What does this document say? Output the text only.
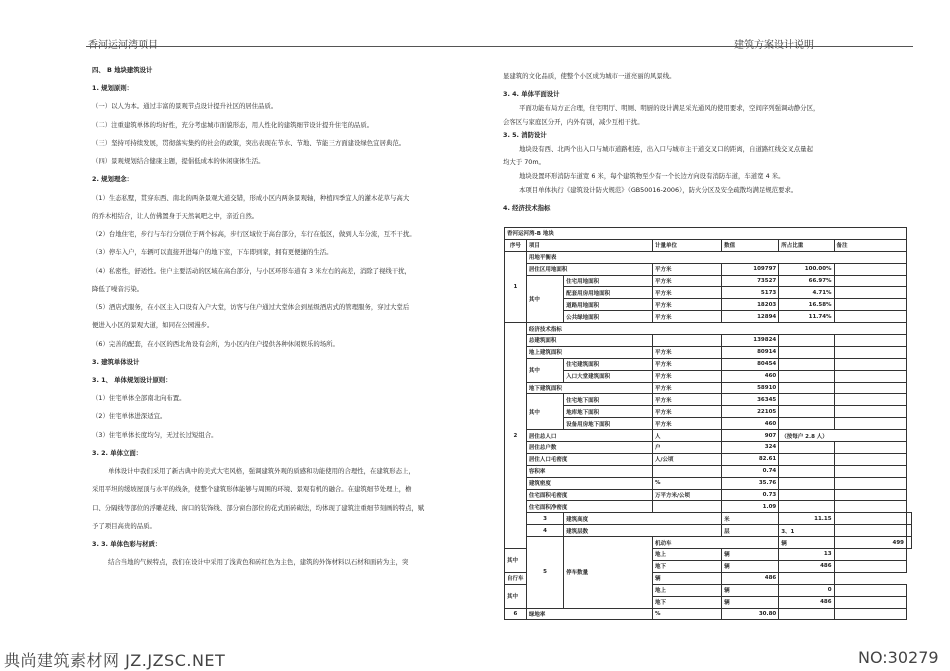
香河运河湾项目	建筑方案设计说明

四、 B 地块建筑设计

1. 规划原则：

（一）以人为本。通过丰富的景观节点设计提升社区的居住品质。

（二）注重建筑单体的均好性，充分考虑城市面貌形态，用人性化的建筑细节设计提升住宅的品质。

（三）坚持可持续发展，贯彻落实集约的社会的政策，突出表现在节水、节地、节能三方面建设绿色宜居典范。

（四）景观规划结合健康主题，提倡低成本的休闲康体生活。

2. 规划理念：

（1）生态私墅，贯穿东西、南北的两条景观大道交错，形成小区内两条景观轴，种植四季宜人的灌木花草与高大

的乔木相结合，让人仿佛置身于天然氧吧之中，亲近自然。

（2）台地住宅，步行与车行分别位于两个标高，步行区域位于高台部分，车行在低区，做到人车分流，互不干扰。

（3）停车入户，车辆可以直接开进每户的地下室，下车即到家，拥有更便捷的生活。

（4）私密性，舒适性。住户主要活动的区域在高台部分，与小区环形车道有 3 米左右的高差，消除了视线干扰，

降低了噪音污染。

（5）酒店式服务，在小区主入口设有入户大堂，访客与住户通过大堂体会到星级酒店式的管理服务，穿过大堂后

便进入小区的景观大道，如同在公园漫步。

（6）完善的配套，在小区的西北角设有会所，为小区内住户提供各种休闲娱乐的场所。

3. 建筑单体设计

3. 1、 单体规划设计原则：

（1）住宅单体全部南北向布置。

（2）住宅单体进深适宜。

（3）住宅单体长度均匀，无过长过短组合。

3. 2. 单体立面：

单体设计中我们采用了新古典中的美式大宅风格，强调建筑外观的质感和功能使用的合理性，在建筑形态上，

采用平坦的缓坡屋顶与水平的线条，使整个建筑形体能够与周围的环境、景观有机的融合。在建筑细节处理上，檐

口、分隔线等部位的浮雕花线、窗口的装饰线、部分窗台部位的花式面砖砌法，均体现了建筑注重细节刻画的特点，赋

予了项目高贵的品质。

3. 3. 单体色彩与材质：

结合当地的气候特点，我们在设计中采用了浅黄色和砖红色为主色，建筑的外饰材料以石材和面砖为主，突

显建筑的文化品质，使整个小区成为城市一道亮丽的风景线。

3. 4. 单体平面设计

平面功能布局方正合理，住宅明厅、明厕、明厨的设计满足采光通风的使用要求，空间序列强调动静分区，

会客区与家庭区分开，内外有别，减少互相干扰。

3. 5. 消防设计

地块设有西、北两个出入口与城市道路相连，出入口与城市主干道交叉口的距离，自道路红线交叉点量起

均大于 70m。

地块设置环形消防车道宽 6 米，每个建筑物至少有一个长边方向设有消防车道，车道宽 4 米。

本项目单体执行《建筑设计防火规范》（GB50016-2006），防火分区及安全疏散均满足规范要求。

4. 经济技术指标

香河运河湾-B 地块							
序号	项目		计量单位	数值	所占比重	备注	
1	用地平衡表						
	居住区用地面积		平方米	109797	100.00%		
	其中	住宅用地面积	平方米	73527	66.97%		
		配套用房用地面积	平方米	5173	4.71%		
		道路用地面积	平方米	18203	16.58%		
		公共绿地面积	平方米	12894	11.74%		
2	经济技术指标						
	总建筑面积			139824			
	地上建筑面积		平方米	80914			
	其中	住宅建筑面积	平方米	80454			
		入口大堂建筑面积	平方米	460			
	地下建筑面积		平方米	58910			
	其中	住宅地下面积	平方米	36345			
		地库地下面积	平方米	22105			
		设备用房地下面积	平方米	460			
	居住总人口		人	907	（按每户 2.8 人）		
	居住总户数		户	324			
	居住人口毛密度		人/公顷	82.61			
	容积率			0.74			
	建筑密度		%	35.76			
	住宅面积毛密度		万平方米/公顷	0.73			
	住宅面积净密度			1.09			
	3	建筑高度		米	11.15		
	4	建筑层数		层	3、1		
	5	停车数量	机动车		辆	499	
其中			地上	辆	13		
			地下	辆	486		
自行车			辆	486			
其中			地上	辆	0		
			地下	辆	486		
6	绿地率		%	30.80			
典尚建筑素材网 JZ.JZSC.NET	NO:30279
